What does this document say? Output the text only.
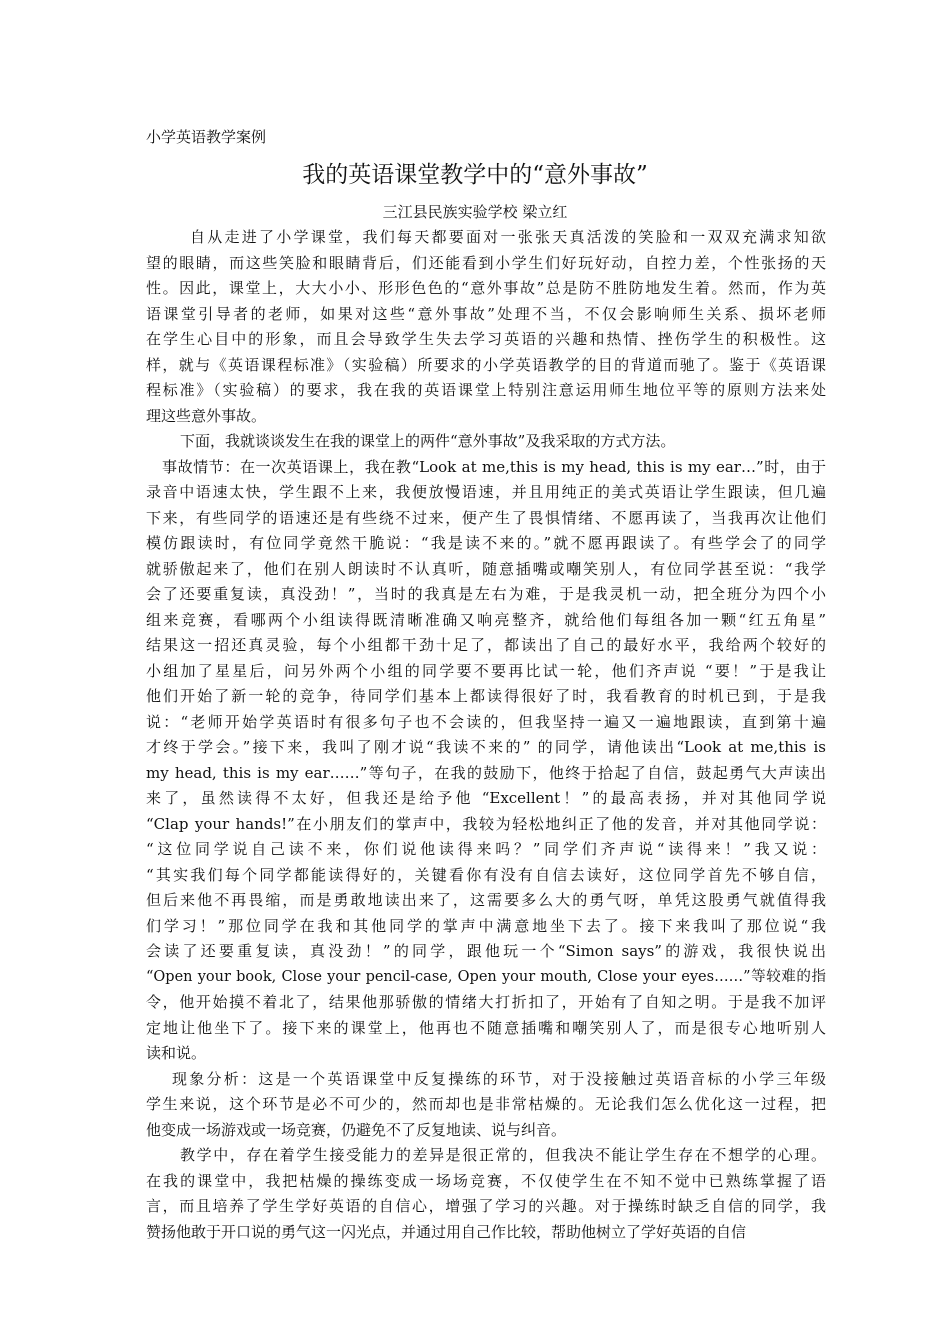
小学英语教学案例
我的英语课堂教学中的“意外事故”
三江县民族实验学校 梁立红
自从走进了小学课堂，我们每天都要面对一张张天真活泼的笑脸和一双双充满求知欲
望的眼睛，而这些笑脸和眼睛背后，们还能看到小学生们好玩好动，自控力差，个性张扬的天
性。因此，课堂上，大大小小、形形色色的“意外事故”总是防不胜防地发生着。然而，作为英
语课堂引导者的老师，如果对这些“意外事故”处理不当，不仅会影响师生关系、损坏老师
在学生心目中的形象，而且会导致学生失去学习英语的兴趣和热情、挫伤学生的积极性。这
样，就与《英语课程标准》（实验稿）所要求的小学英语教学的目的背道而驰了。鉴于《英语课
程标准》（实验稿）的要求，我在我的英语课堂上特别注意运用师生地位平等的原则方法来处
理这些意外事故。
下面，我就谈谈发生在我的课堂上的两件“意外事故”及我采取的方式方法。
事故情节：在一次英语课上，我在教“Look at me,this is my head, this is my ear…”时，由于
录音中语速太快，学生跟不上来，我便放慢语速，并且用纯正的美式英语让学生跟读，但几遍
下来，有些同学的语速还是有些绕不过来，便产生了畏惧情绪、不愿再读了，当我再次让他们
模仿跟读时，有位同学竟然干脆说：“我是读不来的。”就不愿再跟读了。有些学会了的同学
就骄傲起来了，他们在别人朗读时不认真听，随意插嘴或嘲笑别人，有位同学甚至说：“我学
会了还要重复读，真没劲！”，当时的我真是左右为难，于是我灵机一动，把全班分为四个小
组来竞赛，看哪两个小组读得既清晰准确又响亮整齐，就给他们每组各加一颗“红五角星”
结果这一招还真灵验，每个小组都干劲十足了，都读出了自己的最好水平，我给两个较好的
小组加了星星后，问另外两个小组的同学要不要再比试一轮，他们齐声说 “要！”于是我让
他们开始了新一轮的竞争，待同学们基本上都读得很好了时，我看教育的时机已到，于是我
说：“老师开始学英语时有很多句子也不会读的，但我坚持一遍又一遍地跟读，直到第十遍
才终于学会。”接下来，我叫了刚才说“我读不来的” 的同学，请他读出“Look at me,this is
my head, this is my ear……”等句子，在我的鼓励下，他终于拾起了自信，鼓起勇气大声读出
来了，虽然读得不太好，但我还是给予他 “Excellent！”的最高表扬，并对其他同学说
“Clap your hands!”在小朋友们的掌声中，我较为轻松地纠正了他的发音，并对其他同学说：
“这位同学说自己读不来，你们说他读得来吗？”同学们齐声说“读得来！”我又说：
“其实我们每个同学都能读得好的，关键看你有没有自信去读好，这位同学首先不够自信，
但后来他不再畏缩，而是勇敢地读出来了，这需要多么大的勇气呀，单凭这股勇气就值得我
们学习！”那位同学在我和其他同学的掌声中满意地坐下去了。接下来我叫了那位说“我
会读了还要重复读，真没劲！”的同学，跟他玩一个“Simon says”的游戏，我很快说出
“Open your book, Close your pencil-case, Open your mouth, Close your eyes……”等较难的指
令，他开始摸不着北了，结果他那骄傲的情绪大打折扣了，开始有了自知之明。于是我不加评
定地让他坐下了。接下来的课堂上，他再也不随意插嘴和嘲笑别人了，而是很专心地听别人
读和说。
现象分析：这是一个英语课堂中反复操练的环节，对于没接触过英语音标的小学三年级
学生来说，这个环节是必不可少的，然而却也是非常枯燥的。无论我们怎么优化这一过程，把
他变成一场游戏或一场竞赛，仍避免不了反复地读、说与纠音。
教学中，存在着学生接受能力的差异是很正常的，但我决不能让学生存在不想学的心理。
在我的课堂中，我把枯燥的操练变成一场场竞赛，不仅使学生在不知不觉中已熟练掌握了语
言，而且培养了学生学好英语的自信心，增强了学习的兴趣。对于操练时缺乏自信的同学，我
赞扬他敢于开口说的勇气这一闪光点，并通过用自己作比较，帮助他树立了学好英语的自信
